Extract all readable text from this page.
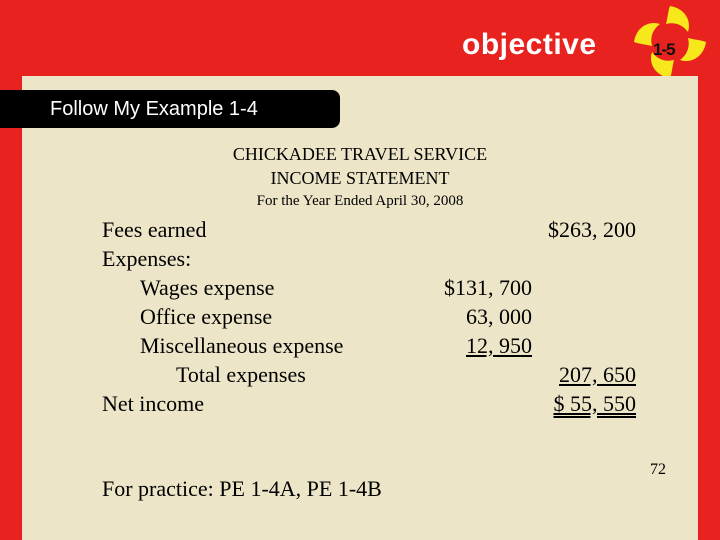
objective	1-5
Follow My Example 1-4
CHICKADEE TRAVEL SERVICE
INCOME STATEMENT
For the Year Ended April 30, 2008
Fees earned	$263, 200
Expenses:
Wages expense	$131, 700
Office expense	63, 000
Miscellaneous expense	12, 950
Total expenses	207, 650
Net income	$ 55, 550
For practice: PE 1-4A, PE 1-4B
72
